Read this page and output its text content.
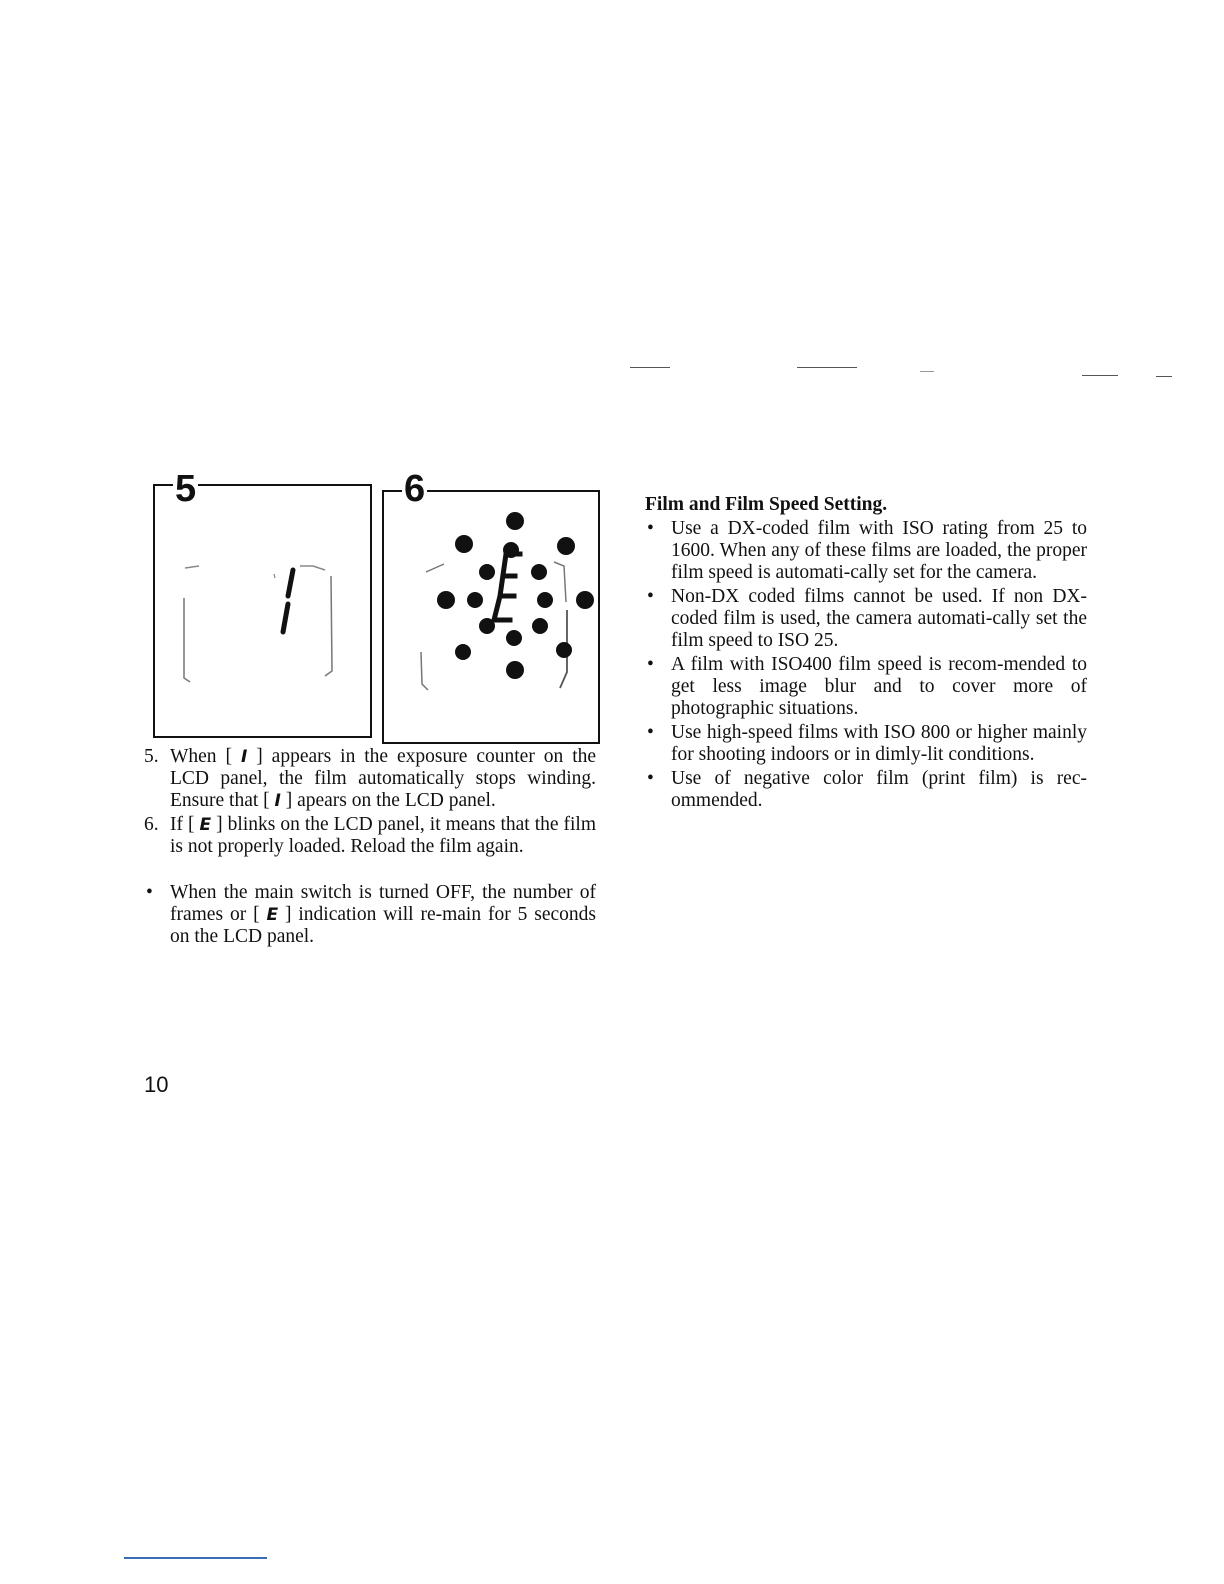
5	6
5. When [ I ] appears in the exposure counter on the LCD panel, the film automatically stops winding. Ensure that [ I ] apears on the LCD panel.
6. If [ E ] blinks on the LCD panel, it means that the film is not properly loaded. Reload the film again.
• When the main switch is turned OFF, the number of frames or [ E ] indication will re-main for 5 seconds on the LCD panel.
Film and Film Speed Setting.
• Use a DX-coded film with ISO rating from 25 to 1600. When any of these films are loaded, the proper film speed is automati-cally set for the camera.
• Non-DX coded films cannot be used. If non DX-coded film is used, the camera automati-cally set the film speed to ISO 25.
• A film with ISO400 film speed is recom-mended to get less image blur and to cover more of photographic situations.
• Use high-speed films with ISO 800 or higher mainly for shooting indoors or in dimly-lit conditions.
• Use of negative color film (print film) is rec-ommended.
10
